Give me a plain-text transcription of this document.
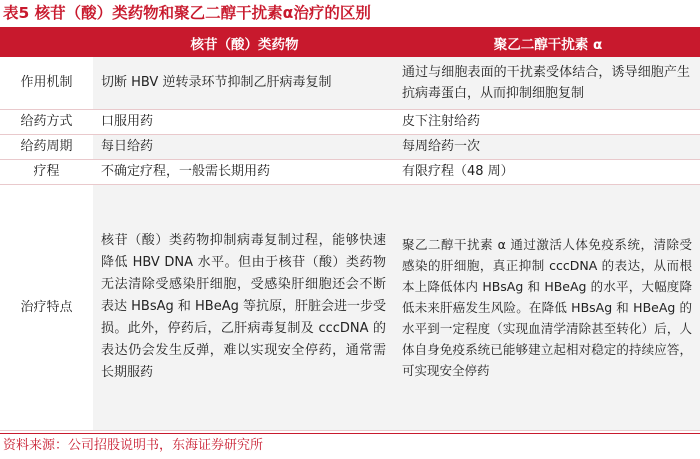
表5 核苷（酸）类药物和聚乙二醇干扰素α治疗的区别
	核苷（酸）类药物	聚乙二醇干扰素 α
作用机制	切断 HBV 逆转录环节抑制乙肝病毒复制	通过与细胞表面的干扰素受体结合，诱导细胞产生抗病毒蛋白，从而抑制细胞复制
给药方式	口服用药	皮下注射给药
给药周期	每日给药	每周给药一次
疗程	不确定疗程，一般需长期用药	有限疗程（48 周）
治疗特点	核苷（酸）类药物抑制病毒复制过程，能够快速降低 HBV DNA 水平。但由于核苷（酸）类药物无法清除受感染肝细胞，受感染肝细胞还会不断表达 HBsAg 和 HBeAg 等抗原，肝脏会进一步受损。此外，停药后，乙肝病毒复制及 cccDNA 的表达仍会发生反弹，难以实现安全停药，通常需长期服药	聚乙二醇干扰素 α 通过激活人体免疫系统，清除受感染的肝细胞，真正抑制 cccDNA 的表达，从而根本上降低体内 HBsAg 和 HBeAg 的水平，大幅度降低未来肝癌发生风险。在降低 HBsAg 和 HBeAg 的水平到一定程度（实现血清学清除甚至转化）后，人体自身免疫系统已能够建立起相对稳定的持续应答，可实现安全停药
资料来源：公司招股说明书，东海证券研究所
